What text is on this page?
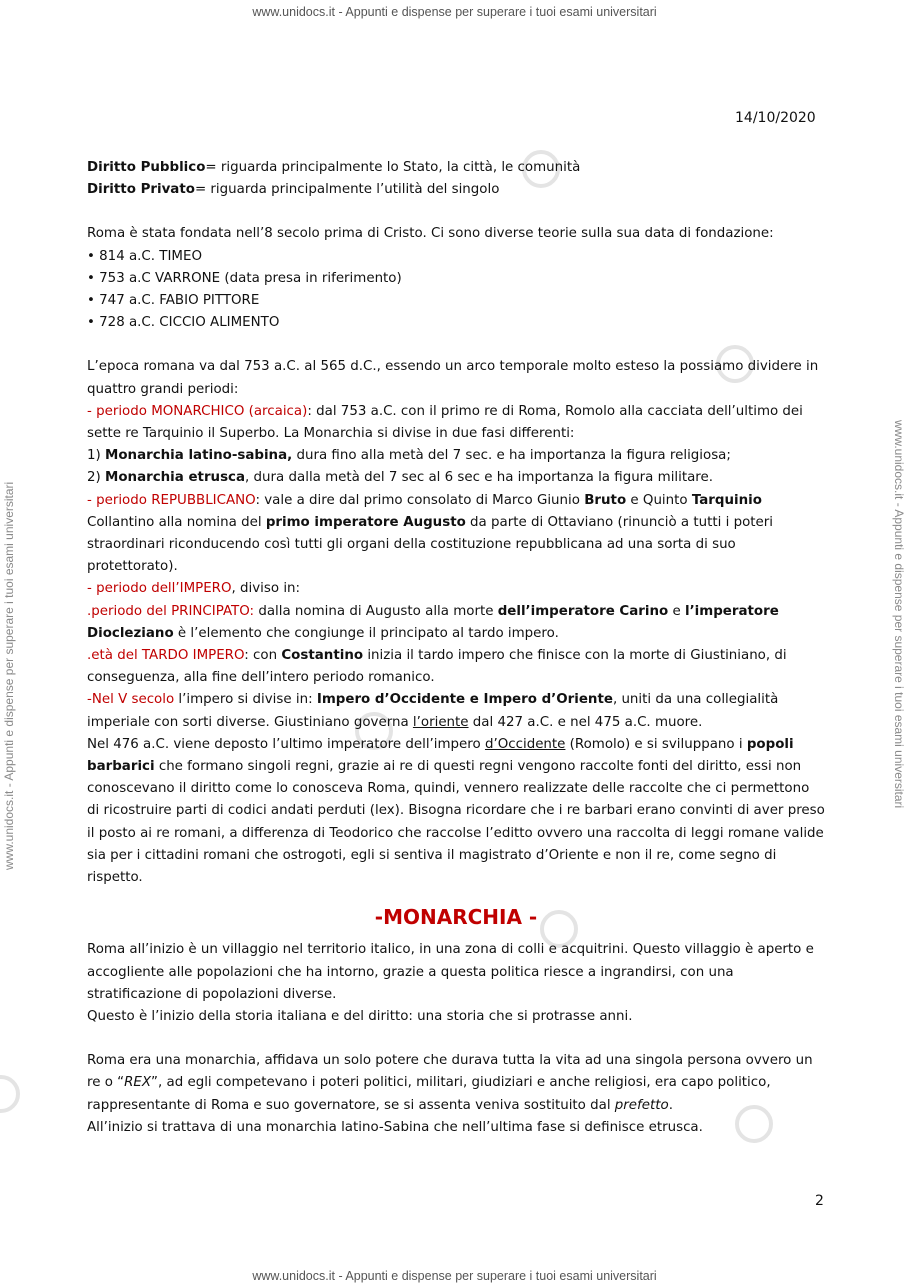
www.unidocs.it - Appunti e dispense per superare i tuoi esami universitari
www.unidocs.it - Appunti e dispense per superare i tuoi esami universitari
www.unidocs.it - Appunti e dispense per superare i tuoi esami universitari	www.unidocs.it - Appunti e dispense per superare i tuoi esami universitari
14/10/2020

Diritto Pubblico= riguarda principalmente lo Stato, la città, le comunità

Diritto Privato= riguarda principalmente l’utilità del singolo

Roma è stata fondata nell’8 secolo prima di Cristo. Ci sono diverse teorie sulla sua data di fondazione:

• 814 a.C. TIMEO

• 753 a.C VARRONE (data presa in riferimento)

• 747 a.C. FABIO PITTORE

• 728 a.C. CICCIO ALIMENTO

L’epoca romana va dal 753 a.C. al 565 d.C., essendo un arco temporale molto esteso la possiamo dividere in quattro grandi periodi:

- periodo MONARCHICO (arcaica): dal 753 a.C. con il primo re di Roma, Romolo alla cacciata dell’ultimo dei sette re Tarquinio il Superbo. La Monarchia si divise in due fasi differenti:

1) Monarchia latino-sabina, dura fino alla metà del 7 sec. e ha importanza la figura religiosa;

2) Monarchia etrusca, dura dalla metà del 7 sec al 6 sec e ha importanza la figura militare.

- periodo REPUBBLICANO: vale a dire dal primo consolato di Marco Giunio Bruto e Quinto Tarquinio Collantino alla nomina del primo imperatore Augusto da parte di Ottaviano (rinunciò a tutti i poteri straordinari riconducendo così tutti gli organi della costituzione repubblicana ad una sorta di suo protettorato).

- periodo dell’IMPERO, diviso in:

.periodo del PRINCIPATO: dalla nomina di Augusto alla morte dell’imperatore Carino e l’imperatore Diocleziano è l’elemento che congiunge il principato al tardo impero.

.età del TARDO IMPERO: con Costantino inizia il tardo impero che finisce con la morte di Giustiniano, di conseguenza, alla fine dell’intero periodo romanico.

-Nel V secolo l’impero si divise in: Impero d’Occidente e Impero d’Oriente, uniti da una collegialità imperiale con sorti diverse. Giustiniano governa l’oriente dal 427 a.C. e nel 475 a.C. muore.

Nel 476 a.C. viene deposto l’ultimo imperatore dell’impero d’Occidente (Romolo) e si sviluppano i popoli barbarici che formano singoli regni, grazie ai re di questi regni vengono raccolte fonti del diritto, essi non conoscevano il diritto come lo conosceva Roma, quindi, vennero realizzate delle raccolte che ci permettono di ricostruire parti di codici andati perduti (lex). Bisogna ricordare che i re barbari erano convinti di aver preso il posto ai re romani, a differenza di Teodorico che raccolse l’editto ovvero una raccolta di leggi romane valide sia per i cittadini romani che ostrogoti, egli si sentiva il magistrato d’Oriente e non il re, come segno di rispetto.

-MONARCHIA -

Roma all’inizio è un villaggio nel territorio italico, in una zona di colli e acquitrini. Questo villaggio è aperto e accogliente alle popolazioni che ha intorno, grazie a questa politica riesce a ingrandirsi, con una stratificazione di popolazioni diverse.

Questo è l’inizio della storia italiana e del diritto: una storia che si protrasse anni.

Roma era una monarchia, affidava un solo potere che durava tutta la vita ad una singola persona ovvero un re o “REX”, ad egli competevano i poteri politici, militari, giudiziari e anche religiosi, era capo politico, rappresentante di Roma e suo governatore, se si assenta veniva sostituito dal prefetto.

All’inizio si trattava di una monarchia latino-Sabina che nell’ultima fase si definisce etrusca.

2
